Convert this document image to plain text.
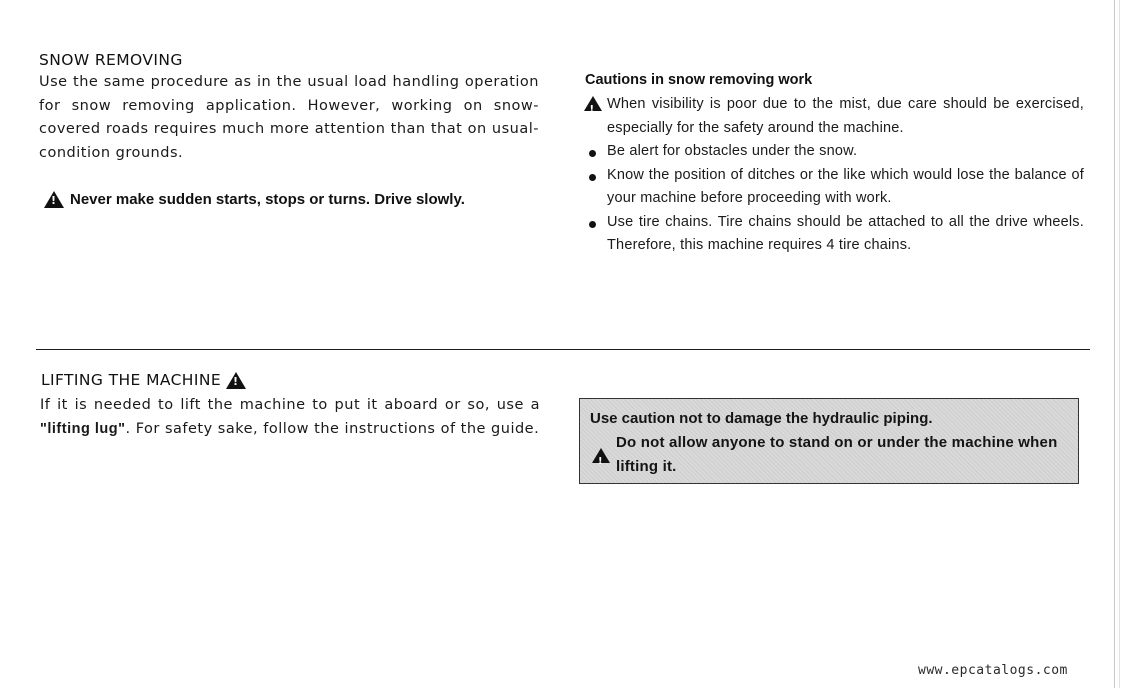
SNOW REMOVING

Use the same procedure as in the usual load handling operation for snow removing application. However, working on snow-covered roads requires much more attention than that on usual-condition grounds.

!
Never make sudden starts, stops or turns. Drive slowly.
Cautions in snow removing work
!
When visibility is poor due to the mist, due care should be exercised, especially for the safety around the machine.
Be alert for obstacles under the snow.
Know the position of ditches or the like which would lose the balance of your machine before proceeding with work.
Use tire chains. Tire chains should be attached to all the drive wheels. Therefore, this machine requires 4 tire chains.
LIFTING THE MACHINE
!

If it is needed to lift the machine to put it aboard or so, use a "lifting lug". For safety sake, follow the instructions of the guide.

Use caution not to damage the hydraulic piping.
!
Do not allow anyone to stand on or under the machine when lifting it.
www.epcatalogs.com
